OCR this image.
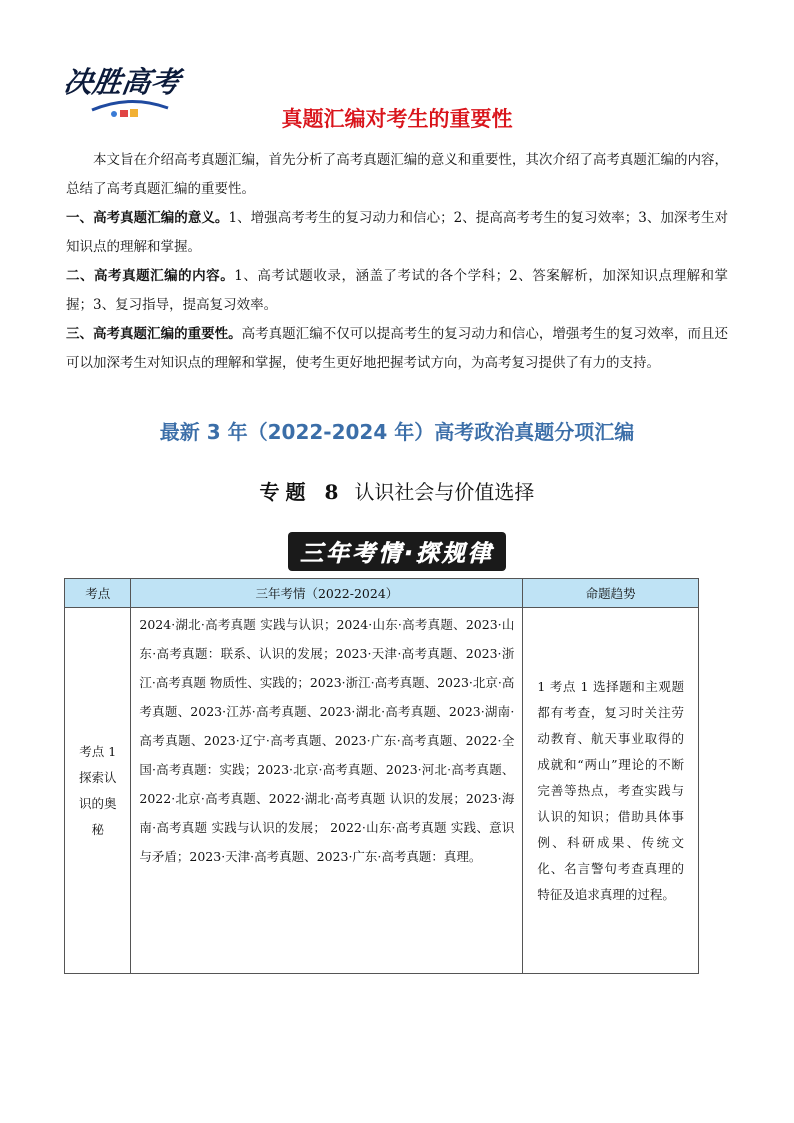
决胜高考
真题汇编对考生的重要性

本文旨在介绍高考真题汇编，首先分析了高考真题汇编的意义和重要性，其次介绍了高考真题汇编的内容，总结了高考真题汇编的重要性。

一、高考真题汇编的意义。1、增强高考考生的复习动力和信心；2、提高高考考生的复习效率；3、加深考生对知识点的理解和掌握。

二、高考真题汇编的内容。1、高考试题收录，涵盖了考试的各个学科；2、答案解析，加深知识点理解和掌握；3、复习指导，提高复习效率。

三、高考真题汇编的重要性。高考真题汇编不仅可以提高考生的复习动力和信心，增强考生的复习效率，而且还可以加深考生对知识点的理解和掌握，使考生更好地把握考试方向，为高考复习提供了有力的支持。

最新 3 年（2022-2024 年）高考政治真题分项汇编
专题 8 认识社会与价值选择
三年考情·探规律
考点	三年考情（2022-2024）	命题趋势
考点 1 探索认识的奥秘	2024·湖北·高考真题 实践与认识；2024·山东·高考真题、2023·山东·高考真题：联系、认识的发展；2023·天津·高考真题、2023·浙江·高考真题 物质性、实践的；2023·浙江·高考真题、2023·北京·高考真题、2023·江苏·高考真题、2023·湖北·高考真题、2023·湖南·高考真题、2023·辽宁·高考真题、2023·广东·高考真题、2022·全国·高考真题：实践；2023·北京·高考真题、2023·河北·高考真题、2022·北京·高考真题、2022·湖北·高考真题 认识的发展；2023·海南·高考真题 实践与认识的发展； 2022·山东·高考真题 实践、意识与矛盾；2023·天津·高考真题、2023·广东·高考真题：真理。	1 考点 1 选择题和主观题都有考查，复习时关注劳动教育、航天事业取得的成就和“两山”理论的不断完善等热点，考查实践与认识的知识；借助具体事例、科研成果、传统文化、名言警句考查真理的特征及追求真理的过程。
